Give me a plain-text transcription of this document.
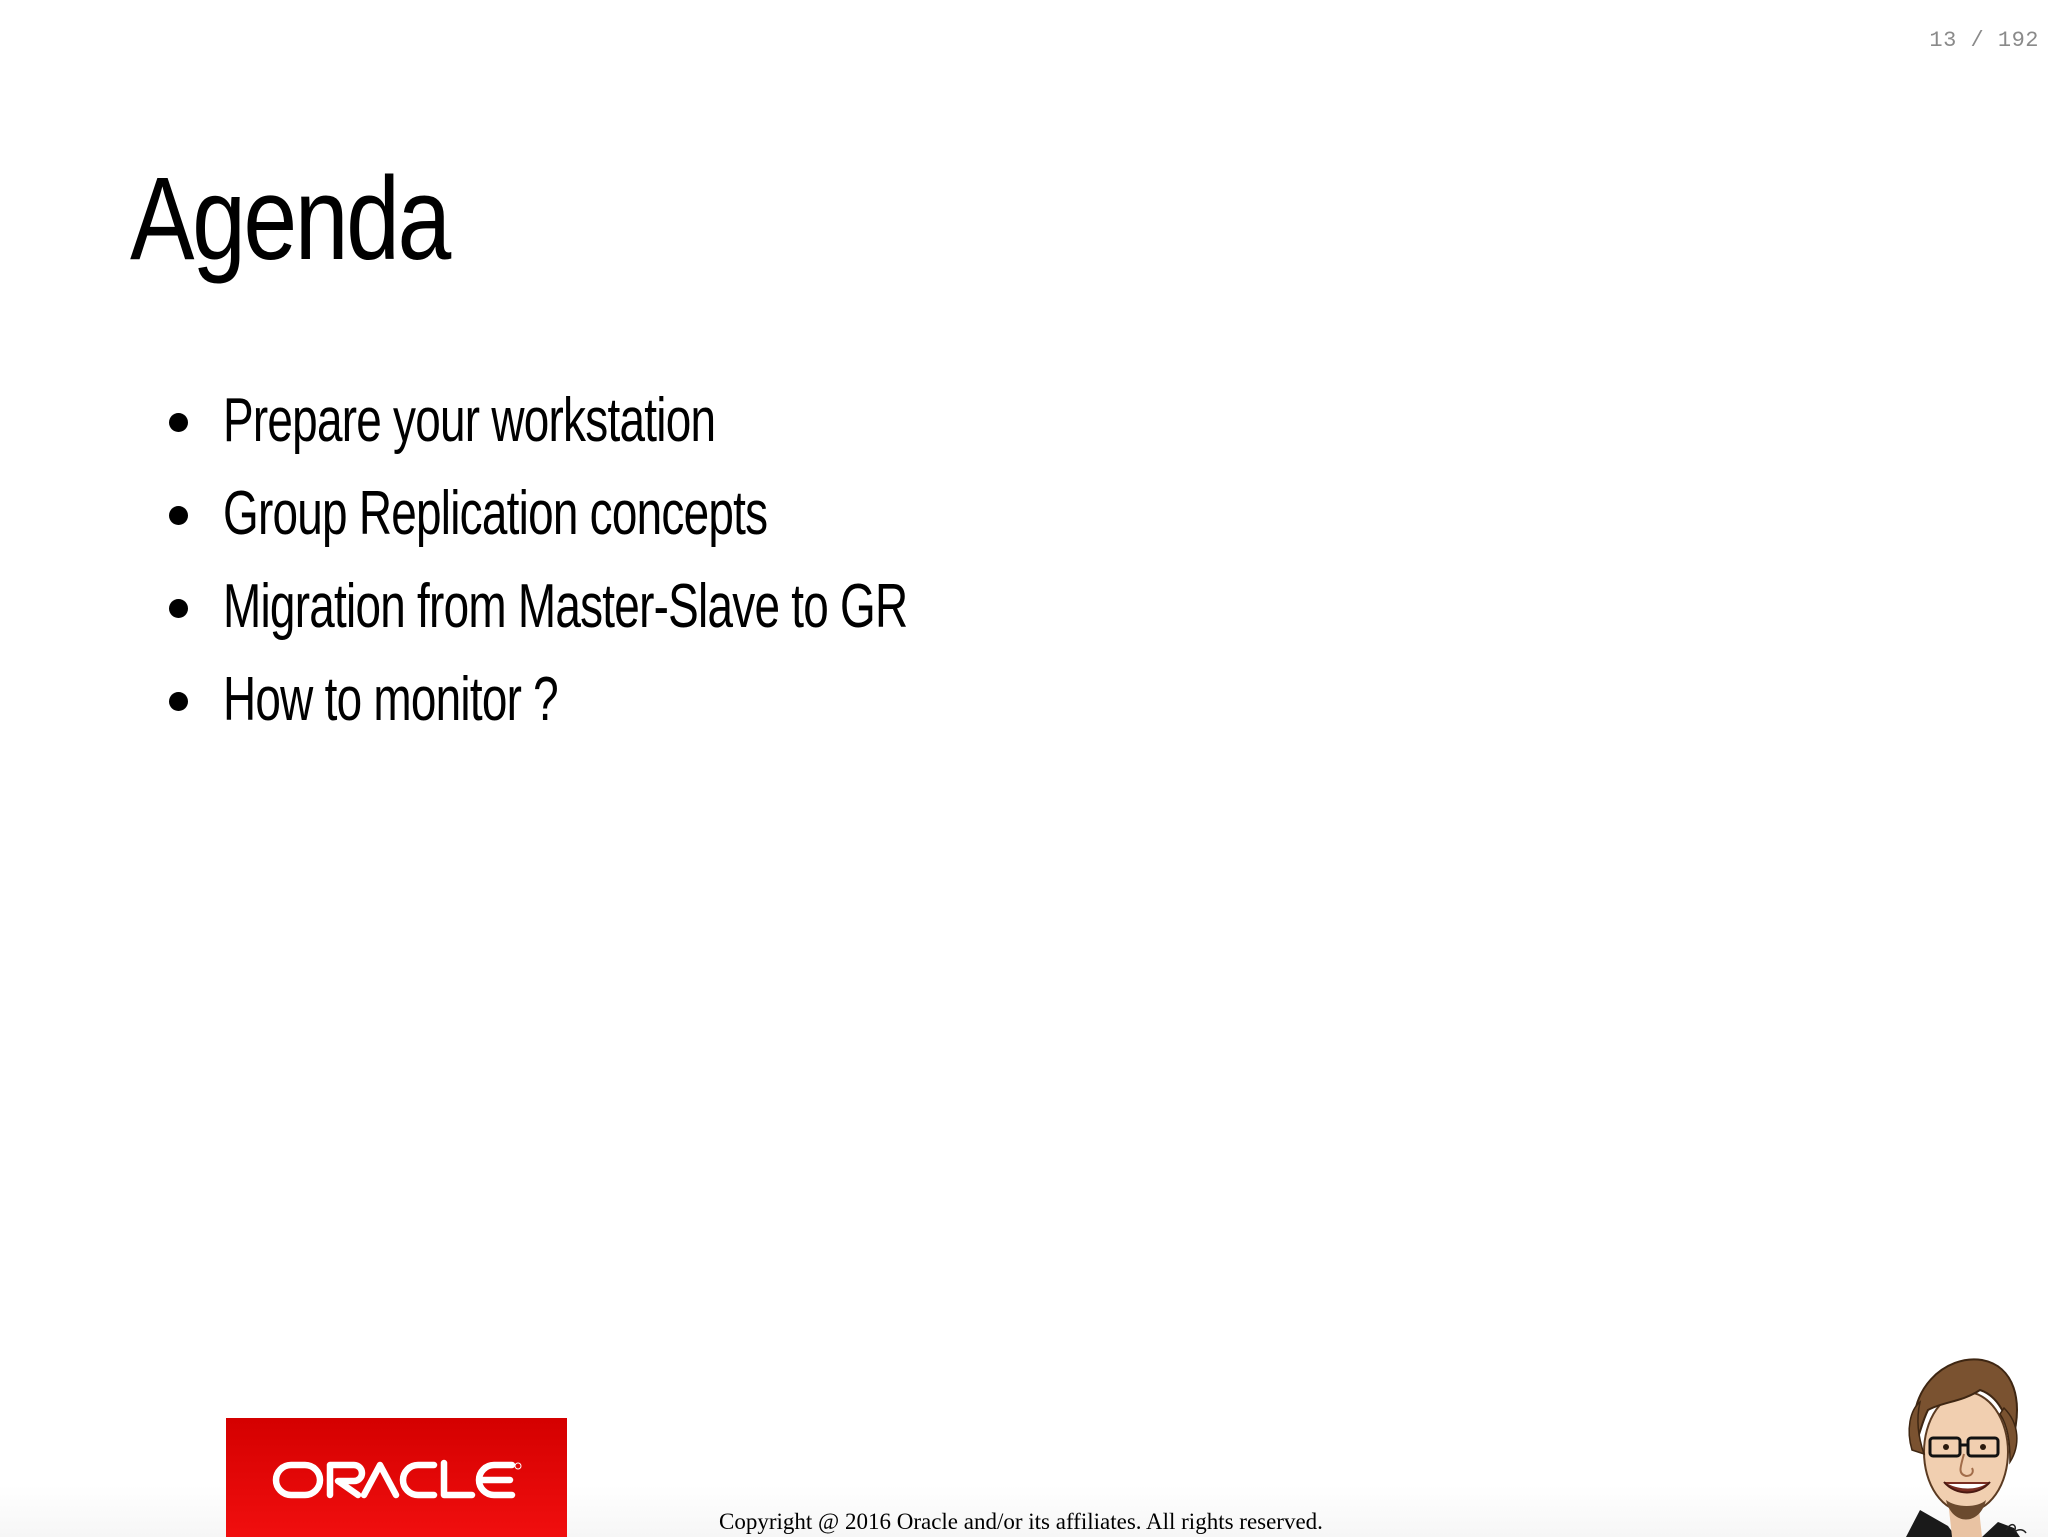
13 / 192
Agenda
Prepare your workstation
Group Replication concepts
Migration from Master-Slave to GR
How to monitor ?
Copyright @ 2016 Oracle and/or its affiliates. All rights reserved.
